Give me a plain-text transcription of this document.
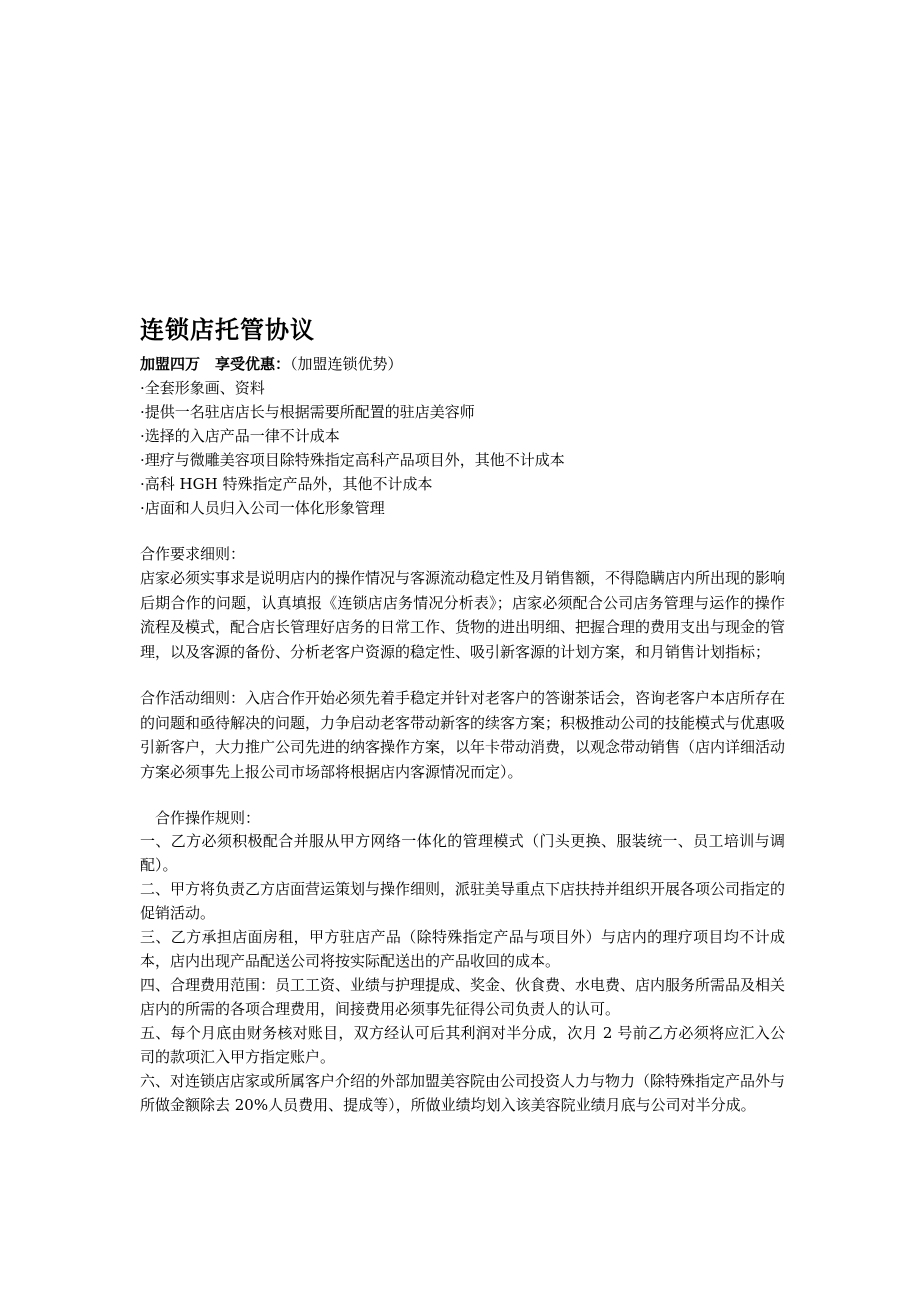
连锁店托管协议
加盟四万　享受优惠：（加盟连锁优势）
·全套形象画、资料
·提供一名驻店店长与根据需要所配置的驻店美容师
·选择的入店产品一律不计成本
·理疗与微雕美容项目除特殊指定高科产品项目外，其他不计成本
·高科 HGH 特殊指定产品外，其他不计成本
·店面和人员归入公司一体化形象管理
合作要求细则：
店家必须实事求是说明店内的操作情况与客源流动稳定性及月销售额，不得隐瞒店内所出现的影响后期合作的问题，认真填报《连锁店店务情况分析表》；店家必须配合公司店务管理与运作的操作流程及模式，配合店长管理好店务的日常工作、货物的进出明细、把握合理的费用支出与现金的管理，以及客源的备份、分析老客户资源的稳定性、吸引新客源的计划方案，和月销售计划指标；
合作活动细则：入店合作开始必须先着手稳定并针对老客户的答谢茶话会，咨询老客户本店所存在的问题和亟待解决的问题，力争启动老客带动新客的续客方案；积极推动公司的技能模式与优惠吸引新客户，大力推广公司先进的纳客操作方案，以年卡带动消费，以观念带动销售（店内详细活动方案必须事先上报公司市场部将根据店内客源情况而定）。
合作操作规则：
一、乙方必须积极配合并服从甲方网络一体化的管理模式（门头更换、服装统一、员工培训与调配）。
二、甲方将负责乙方店面营运策划与操作细则，派驻美导重点下店扶持并组织开展各项公司指定的促销活动。
三、乙方承担店面房租，甲方驻店产品（除特殊指定产品与项目外）与店内的理疗项目均不计成本，店内出现产品配送公司将按实际配送出的产品收回的成本。
四、合理费用范围：员工工资、业绩与护理提成、奖金、伙食费、水电费、店内服务所需品及相关店内的所需的各项合理费用，间接费用必须事先征得公司负责人的认可。
五、每个月底由财务核对账目，双方经认可后其利润对半分成，次月 2 号前乙方必须将应汇入公司的款项汇入甲方指定账户。
六、对连锁店店家或所属客户介绍的外部加盟美容院由公司投资人力与物力（除特殊指定产品外与所做金额除去 20%人员费用、提成等），所做业绩均划入该美容院业绩月底与公司对半分成。
